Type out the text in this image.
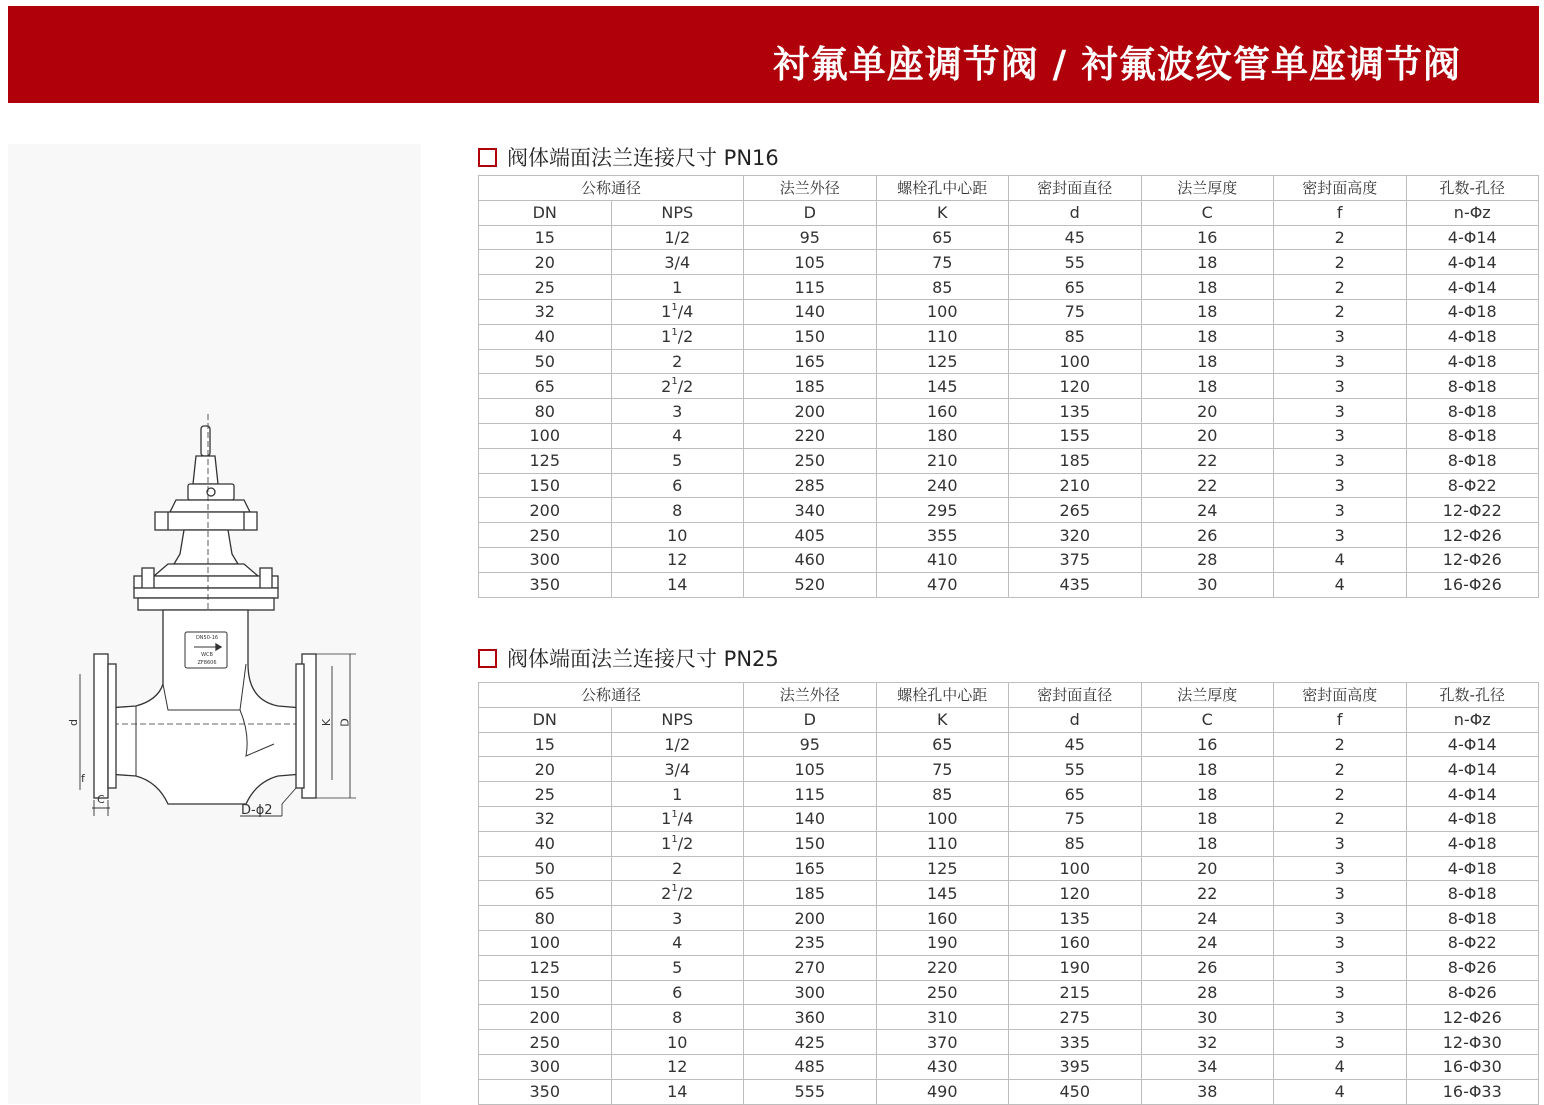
衬氟单座调节阀 / 衬氟波纹管单座调节阀
d
f
C
K D
D-ϕ2
DN50-16
WCB
ZF8606
阀体端面法兰连接尺寸 PN16
公称通径		法兰外径	螺栓孔中心距	密封面直径	法兰厚度	密封面高度	孔数-孔径
DN	NPS	D	K	d	C	f	n-Φz
15	1/2	95	65	45	16	2	4-Φ14
20	3/4	105	75	55	18	2	4-Φ14
25	1	115	85	65	18	2	4-Φ14
32	$1^1/4$	140	100	75	18	2	4-Φ18
40	$1^1/2$	150	110	85	18	3	4-Φ18
50	2	165	125	100	18	3	4-Φ18
65	$2^1/2$	185	145	120	18	3	8-Φ18
80	3	200	160	135	20	3	8-Φ18
100	4	220	180	155	20	3	8-Φ18
125	5	250	210	185	22	3	8-Φ18
150	6	285	240	210	22	3	8-Φ22
200	8	340	295	265	24	3	12-Φ22
250	10	405	355	320	26	3	12-Φ26
300	12	460	410	375	28	4	12-Φ26
350	14	520	470	435	30	4	16-Φ26
阀体端面法兰连接尺寸 PN25
公称通径		法兰外径	螺栓孔中心距	密封面直径	法兰厚度	密封面高度	孔数-孔径
DN	NPS	D	K	d	C	f	n-Φz
15	1/2	95	65	45	16	2	4-Φ14
20	3/4	105	75	55	18	2	4-Φ14
25	1	115	85	65	18	2	4-Φ14
32	$1^1/4$	140	100	75	18	2	4-Φ18
40	$1^1/2$	150	110	85	18	3	4-Φ18
50	2	165	125	100	20	3	4-Φ18
65	$2^1/2$	185	145	120	22	3	8-Φ18
80	3	200	160	135	24	3	8-Φ18
100	4	235	190	160	24	3	8-Φ22
125	5	270	220	190	26	3	8-Φ26
150	6	300	250	215	28	3	8-Φ26
200	8	360	310	275	30	3	12-Φ26
250	10	425	370	335	32	3	12-Φ30
300	12	485	430	395	34	4	16-Φ30
350	14	555	490	450	38	4	16-Φ33
